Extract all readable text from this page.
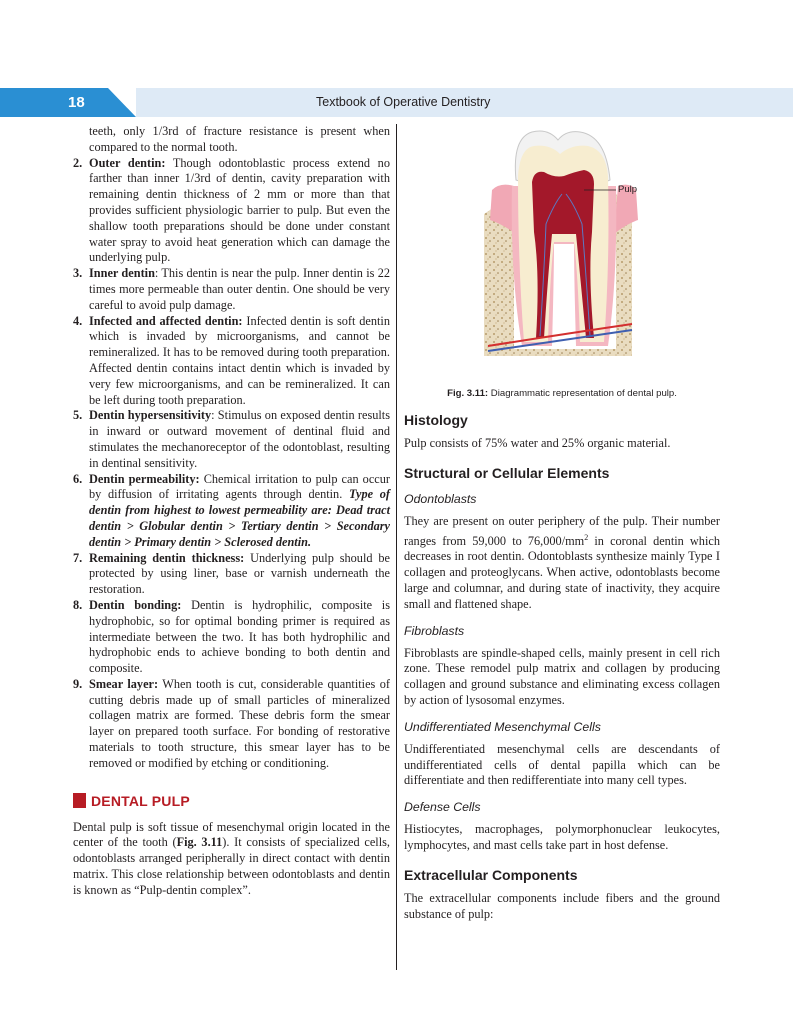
18	Textbook of Operative Dentistry

teeth, only 1/3rd of fracture resistance is present when compared to the normal tooth.

2. Outer dentin: Though odontoblastic process extend no farther than inner 1/3rd of dentin, cavity preparation with remaining dentin thickness of 2 mm or more than that provides sufficient physiologic barrier to pulp. But even the shallow tooth preparations should be done under constant water spray to avoid heat generation which can damage the underlying pulp.
3. Inner dentin: This dentin is near the pulp. Inner dentin is 22 times more permeable than outer dentin. One should be very careful to avoid pulp damage.
4. Infected and affected dentin: Infected dentin is soft dentin which is invaded by microorganisms, and cannot be remineralized. It has to be removed during tooth preparation. Affected dentin contains intact dentin which is invaded by very few microorganisms, and can be remineralized. It can be left during tooth preparation.
5. Dentin hypersensitivity: Stimulus on exposed dentin results in inward or outward movement of dentinal fluid and stimulates the mechanoreceptor of the odontoblast, resulting in dentinal sensitivity.
6. Dentin permeability: Chemical irritation to pulp can occur by diffusion of irritating agents through dentin. Type of dentin from highest to lowest permeability are: Dead tract dentin > Globular dentin > Tertiary dentin > Secondary dentin > Primary dentin > Sclerosed dentin.
7. Remaining dentin thickness: Underlying pulp should be protected by using liner, base or varnish underneath the restoration.
8. Dentin bonding: Dentin is hydrophilic, composite is hydrophobic, so for optimal bonding primer is required as intermediate between the two. It has both hydrophilic and hydrophobic ends to achieve bonding to both dentin and composite.
9. Smear layer: When tooth is cut, considerable quantities of cutting debris made up of small particles of mineralized collagen matrix are formed. These debris form the smear layer on prepared tooth surface. For bonding of restorative materials to tooth structure, this smear layer has to be removed or modified by etching or conditioning.
DENTAL PULP

Dental pulp is soft tissue of mesenchymal origin located in the center of the tooth (Fig. 3.11). It consists of specialized cells, odontoblasts arranged peripherally in direct contact with dentin matrix. This close relationship between odontoblasts and dentin is known as “Pulp-dentin complex”.

Pulp

Fig. 3.11: Diagrammatic representation of dental pulp.

Histology

Pulp consists of 75% water and 25% organic material.

Structural or Cellular Elements
Odontoblasts

They are present on outer periphery of the pulp. Their number ranges from 59,000 to $76,000/mm^2$ in coronal dentin which decreases in root dentin. Odontoblasts synthesize mainly Type I collagen and proteoglycans. When active, odontoblasts become large and columnar, and during state of inactivity, they acquire small and flattened shape.

Fibroblasts

Fibroblasts are spindle-shaped cells, mainly present in cell rich zone. These remodel pulp matrix and collagen by producing collagen and ground substance and eliminating excess collagen by action of lysosomal enzymes.

Undifferentiated Mesenchymal Cells

Undifferentiated mesenchymal cells are descendants of undifferentiated cells of dental papilla which can be differentiate and then redifferentiate into many cell types.

Defense Cells

Histiocytes, macrophages, polymorphonuclear leukocytes, lymphocytes, and mast cells take part in host defense.

Extracellular Components

The extracellular components include fibers and the ground substance of pulp:
